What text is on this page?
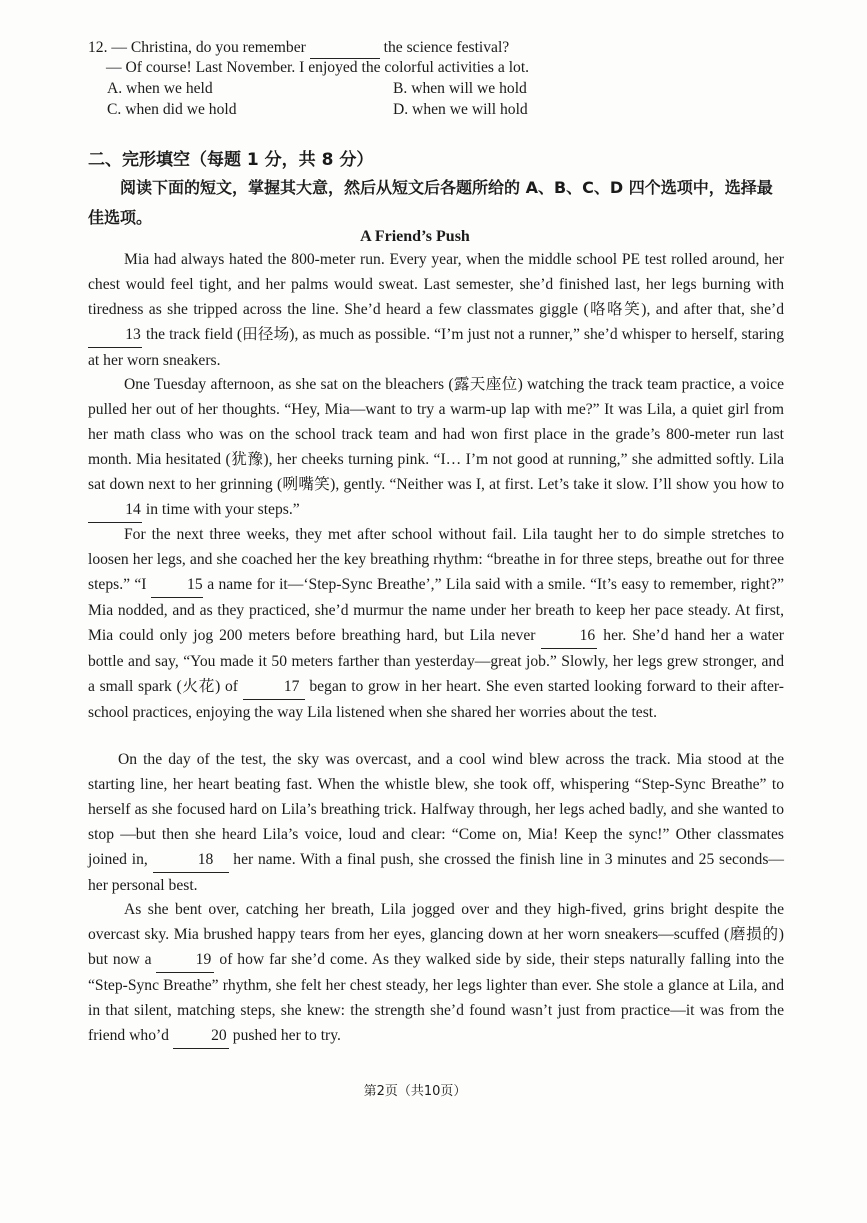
12. — Christina, do you remember	the science festival?
— Of course! Last November. I enjoyed the colorful activities a lot.
A. when we held	B. when will we hold
C. when did we hold	D. when we will hold
二、完形填空（每题 1 分，共 8 分）
阅读下面的短文，掌握其大意，然后从短文后各题所给的 A、B、C、D 四个选项中，选择最佳选项。
A Friend’s Push
Mia had always hated the 800-meter run. Every year, when the middle school PE test rolled around, her chest would feel tight, and her palms would sweat. Last semester, she’d finished last, her legs burning with tiredness as she tripped across the line. She’d heard a few classmates giggle (咯咯笑), and after that, she’d 13 the track field (田径场), as much as possible. “I’m just not a runner,” she’d whisper to herself, staring at her worn sneakers.
One Tuesday afternoon, as she sat on the bleachers (露天座位) watching the track team practice, a voice pulled her out of her thoughts. “Hey, Mia—want to try a warm-up lap with me?” It was Lila, a quiet girl from her math class who was on the school track team and had won first place in the grade’s 800-meter run last month. Mia hesitated (犹豫), her cheeks turning pink. “I… I’m not good at running,” she admitted softly. Lila sat down next to her grinning (咧嘴笑), gently. “Neither was I, at first. Let’s take it slow. I’ll show you how to 14 in time with your steps.”
For the next three weeks, they met after school without fail. Lila taught her to do simple stretches to loosen her legs, and she coached her the key breathing rhythm: “breathe in for three steps, breathe out for three steps.” “I	15 a name for it—‘Step-Sync Breathe’,” Lila said with a smile. “It’s easy to remember, right?” Mia nodded, and as they practiced, she’d murmur the name under her breath to keep her pace steady. At first, Mia could only jog 200 meters before breathing hard, but Lila never	16 her. She’d hand her a water bottle and say, “You made it 50 meters farther than yesterday—great job.” Slowly, her legs grew stronger, and a small spark (火花) of	17 began to grow in her heart. She even started looking forward to their after-school practices, enjoying the way Lila listened when she shared her worries about the test.
On the day of the test, the sky was overcast, and a cool wind blew across the track. Mia stood at the starting line, her heart beating fast. When the whistle blew, she took off, whispering “Step-Sync Breathe” to herself as she focused hard on Lila’s breathing trick. Halfway through, her legs ached badly, and she wanted to stop —but then she heard Lila’s voice, loud and clear: “Come on, Mia! Keep the sync!” Other classmates joined in,	18 her name. With a final push, she crossed the finish line in 3 minutes and 25 seconds—her personal best.
As she bent over, catching her breath, Lila jogged over and they high-fived, grins bright despite the overcast sky. Mia brushed happy tears from her eyes, glancing down at her worn sneakers—scuffed (磨损的) but now a	19 of how far she’d come. As they walked side by side, their steps naturally falling into the “Step-Sync Breathe” rhythm, she felt her chest steady, her legs lighter than ever. She stole a glance at Lila, and in that silent, matching steps, she knew: the strength she’d found wasn’t just from practice—it was from the friend who’d	20 pushed her to try.
第2页（共10页）
